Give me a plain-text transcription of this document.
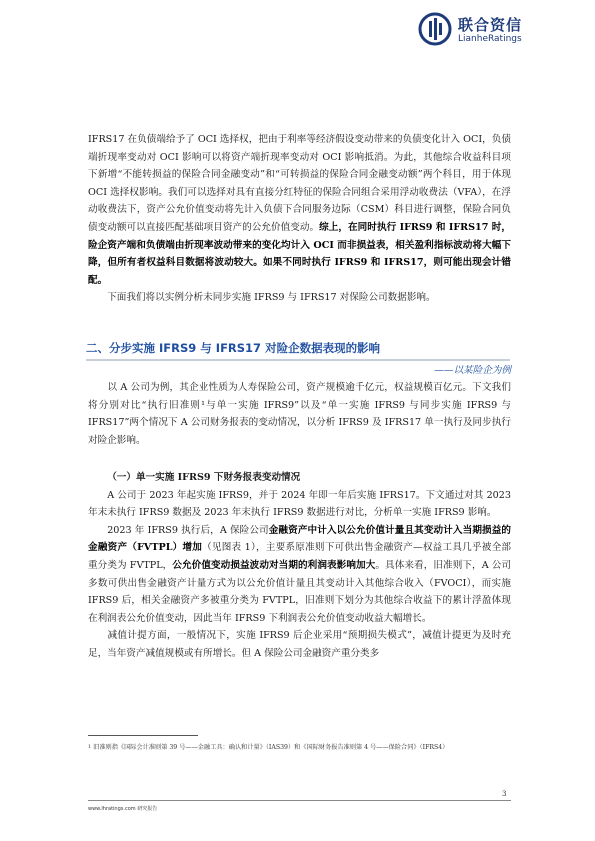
联合资信
LianheRatings

IFRS17 在负债端给予了 OCI 选择权，把由于利率等经济假设变动带来的负债变化计入 OCI，负债端折现率变动对 OCI 影响可以将资产端折现率变动对 OCI 影响抵消。为此，其他综合收益科目项下新增“不能转损益的保险合同金融变动”和“可转损益的保险合同金融变动额”两个科目，用于体现 OCI 选择权影响。我们可以选择对具有直接分红特征的保险合同组合采用浮动收费法（VFA），在浮动收费法下，资产公允价值变动将先计入负债下合同服务边际（CSM）科目进行调整，保险合同负债变动额可以直接匹配基础项目资产的公允价值变动。综上，在同时执行 IFRS9 和 IFRS17 时，险企资产端和负债端由折现率波动带来的变化均计入 OCI 而非损益表，相关盈利指标波动将大幅下降，但所有者权益科目数据将波动较大。如果不同时执行 IFRS9 和 IFRS17，则可能出现会计错配。

下面我们将以实例分析未同步实施 IFRS9 与 IFRS17 对保险公司数据影响。

二、分步实施 IFRS9 与 IFRS17 对险企数据表现的影响
——以某险企为例

以 A 公司为例，其企业性质为人寿保险公司，资产规模逾千亿元，权益规模百亿元。下文我们将分别对比“执行旧准则¹与单一实施 IFRS9”以及“单一实施 IFRS9 与同步实施 IFRS9 与 IFRS17”两个情况下 A 公司财务报表的变动情况，以分析 IFRS9 及 IFRS17 单一执行及同步执行对险企影响。

（一）单一实施 IFRS9 下财务报表变动情况

A 公司于 2023 年起实施 IFRS9，并于 2024 年即一年后实施 IFRS17。下文通过对其 2023 年末未执行 IFRS9 数据及 2023 年末执行 IFRS9 数据进行对比，分析单一实施 IFRS9 影响。

2023 年 IFRS9 执行后，A 保险公司金融资产中计入以公允价值计量且其变动计入当期损益的金融资产（FVTPL）增加（见图表 1），主要系原准则下可供出售金融资产—权益工具几乎被全部重分类为 FVTPL，公允价值变动损益波动对当期的利润表影响加大。具体来看，旧准则下，A 公司多数可供出售金融资产计量方式为以公允价值计量且其变动计入其他综合收入（FVOCI），而实施 IFRS9 后，相关金融资产多被重分类为 FVTPL，旧准则下划分为其他综合收益下的累计浮盈体现在利润表公允价值变动，因此当年 IFRS9 下利润表公允价值变动收益大幅增长。

减值计提方面，一般情况下，实施 IFRS9 后企业采用“预期损失模式”，减值计提更为及时充足，当年资产减值规模或有所增长。但 A 保险公司金融资产重分类多

$^1$ 旧准则指《国际会计准则第 39 号——金融工具：确认和计量》（IAS39）和《国际财务报告准则第 4 号——保险合同》（IFRS4）
www.lhratings.com 研究报告
3
